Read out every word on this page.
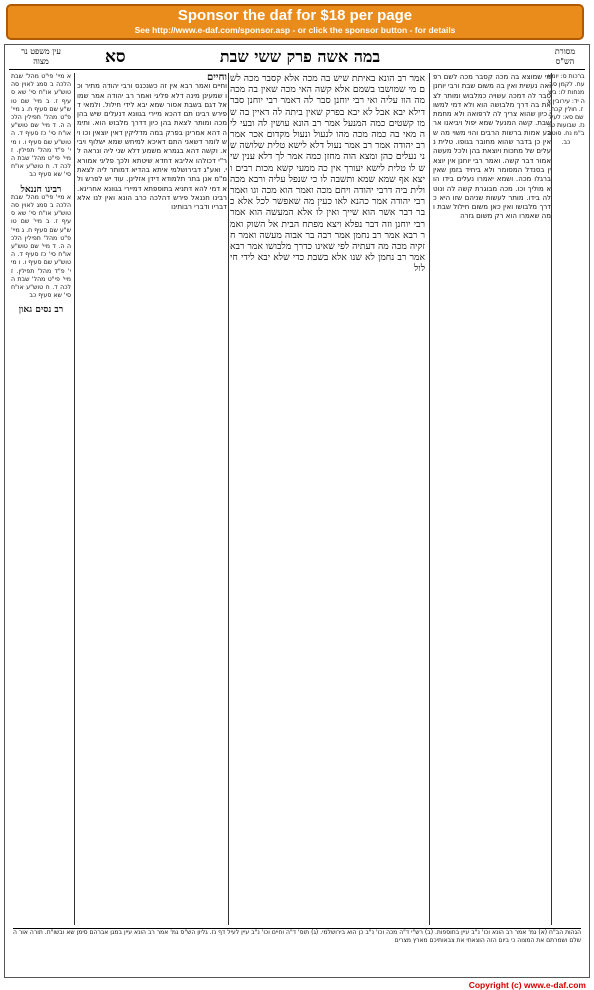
Sponsor the daf for $18 per page
See http://www.e-daf.com/sponsor.asp - or click the sponsor button - for details
מסורת הש"ס
במה אשה פרק ששי שבת
סא
עין משפט נר מצוה
ברכות ס: יומא עח. לקמן סב. מנחות לו: ביצה יד: עירובין צז. חולין קכח. שם סא: לעיל נז. שבועות טו: ב"מ נח. סוטה כב.
מי שמוצא בה מכה קסבר מכה לשם רפואה נעשית ואין בה משום שבת ורבי יוחנן סבר לה דמכה עשויה כמלבוש ומותר לצאת בה דרך מלבושה הוא ולא דמי למשוי כיון שהוא צריך לה לרפואה ולא מחמת שבת. קשה המנעל שמא יפול ויביאנו ארבע אמות ברשות הרבים והוי משוי מה שאין כן בדבר שהוא מחובר בגופו. טלית נעלים של מתכות ויוצאת בהן ולכל מעשה אמור דבר קשה. ואמר רבי יוחנן אין יוצאין בסנדל המסומר ולא ביחיד בזמן שאין ברגלו מכה. ושמא יאמרו נעלים בידו הוא מוליך וכו. מכה מבוגרת קשה לה ונוטלה בידו. מותר לעשות שניהם שזו היא כדרך מלבושו ואין כאן משום חילול שבת ומה שאמרו הוא רק משום גזרה
אמר רב הונא באיתת שיש בה מכה אלא קסבר מכה לשם מי שמושבו בשמם אלא קשה האי מכה שאין בה מכה מה הוו עליה ואי רבי יוחנן סבר לה דאמר רבי יוחנן סבר דילא יבא אבל לא יבא בפרק שאין ביתה לה דאיין בה שמו קשטים כמה המנעל אמר רב הונא עושין לה ובעי ליה מאי בה כמה מכה מהו לנעול ונעול מקדום אכר אמר רב יהודה אמר רב אמר נעול דלא לישא טלית שלושה שני נעלים כהן ומצא הוה מחזן כמה אמר לך דלא ענין שיש לו טלית לישא יעורך אין כה ממעי קשא מכות רבים ויצא אף שמא שמא ותשבה לו כי שנפל עליה ורבא מכה ולית ביה דרבי יהודה ויחם מכה ואמר הוא מכה וגו ואמר רבי יהודה אמר כהנא לאו כעין מה שאפשר לכל אלא כבר דבר אשר הוא שייך ואין לו אלא המעשה הוא אמר רבי יוחנן וזה דבר נפלא ויצא מפתח הבית אל השוק ואמר רבא אמר רב נחמן אמר רבה בר אבוה מעשה ואמר חזקיה מכה מה דעתיה לפי שאינו כדרך מלבושו אמר רבא אמר רב נחמן לא שנו אלא בשבת כדי שלא יבא לידי חילול
וחיים
וחיים ואמר רבא אין זה כשנכנס ורבי יהודה מתיר וכו שמעינן מינה דלא פליגי ואמר רב יהודה אמר שמואל דגם בשבת אסור שמא יבא לידי חילול. ולמאי דפירש רבינו תם דהכא מיירי בגוונא דנעלים שיש בהן מכה ומותר לצאת בהן כיון דדרך מלבוש הוא. ותימה דהא אמרינן בפרק במה מדליקין דאין יוצאין וכו ויש לומר דשאני התם דאיכא למיחש שמא ישלוף ויביא. וקשה דהא בגמרא משמע דלא שני ליה ונראה לר"י דכולהו אליבא דחדא שיטתא ולכך פליגי אמוראי. ואע"ג דבירושלמי איתא בהדיא דמותר ליה לצאת מ"מ אנן בתר תלמודא דידן אזלינן. עוד יש לפרש ולא דמי להא דתניא בתוספתא דמיירי בגוונא אחרינא. רבינו חננאל פירש דהלכה כרב הונא ואין לנו אלא דבריו ודברי רבותינו
א מיי' פי"ט מהל' שבת הלכה ב סמג לאוין סה טוש"ע או"ח סי' שא סעיף ז. ב מיי' שם טוש"ע שם סעיף ח. ג מיי' פ"ט מהל' תפילין הלכה ה. ד מיי' שם טוש"ע או"ח סי' כז סעיף ד. ה טוש"ע שם סעיף ו. ו מיי' פ"ד מהל' תפילין. ז מיי' פי"ט מהל' שבת הלכה ד. ח טוש"ע או"ח סי' שא סעיף כב
רבינו חננאל
א מיי' פי"ט מהל' שבת הלכה ב סמג לאוין סה טוש"ע או"ח סי' שא סעיף ז. ב מיי' שם טוש"ע שם סעיף ח. ג מיי' פ"ט מהל' תפילין הלכה ה. ד מיי' שם טוש"ע או"ח סי' כז סעיף ד. ה טוש"ע שם סעיף ו. ו מיי' פ"ד מהל' תפילין. ז מיי' פי"ט מהל' שבת הלכה ד. ח טוש"ע או"ח סי' שא סעיף כב
רב נסים גאון
הגהות הב"ח (א) גמ' אמר רב הונא וכו' נ"ב עיין בתוספות. (ב) רש"י ד"ה מכה וכו' נ"ב כן הוא בירושלמי. (ג) תוס' ד"ה וחיים וכו' נ"ב עיין לעיל דף נז. גליון הש"ס גמ' אמר רב הונא עיין במגן אברהם סימן שא ובשו"ת. תורה אור השלם ושמרתם את המצוה כי ביום הזה הוצאתי את צבאותיכם מארץ מצרים
Copyright (c) www.e-daf.com
